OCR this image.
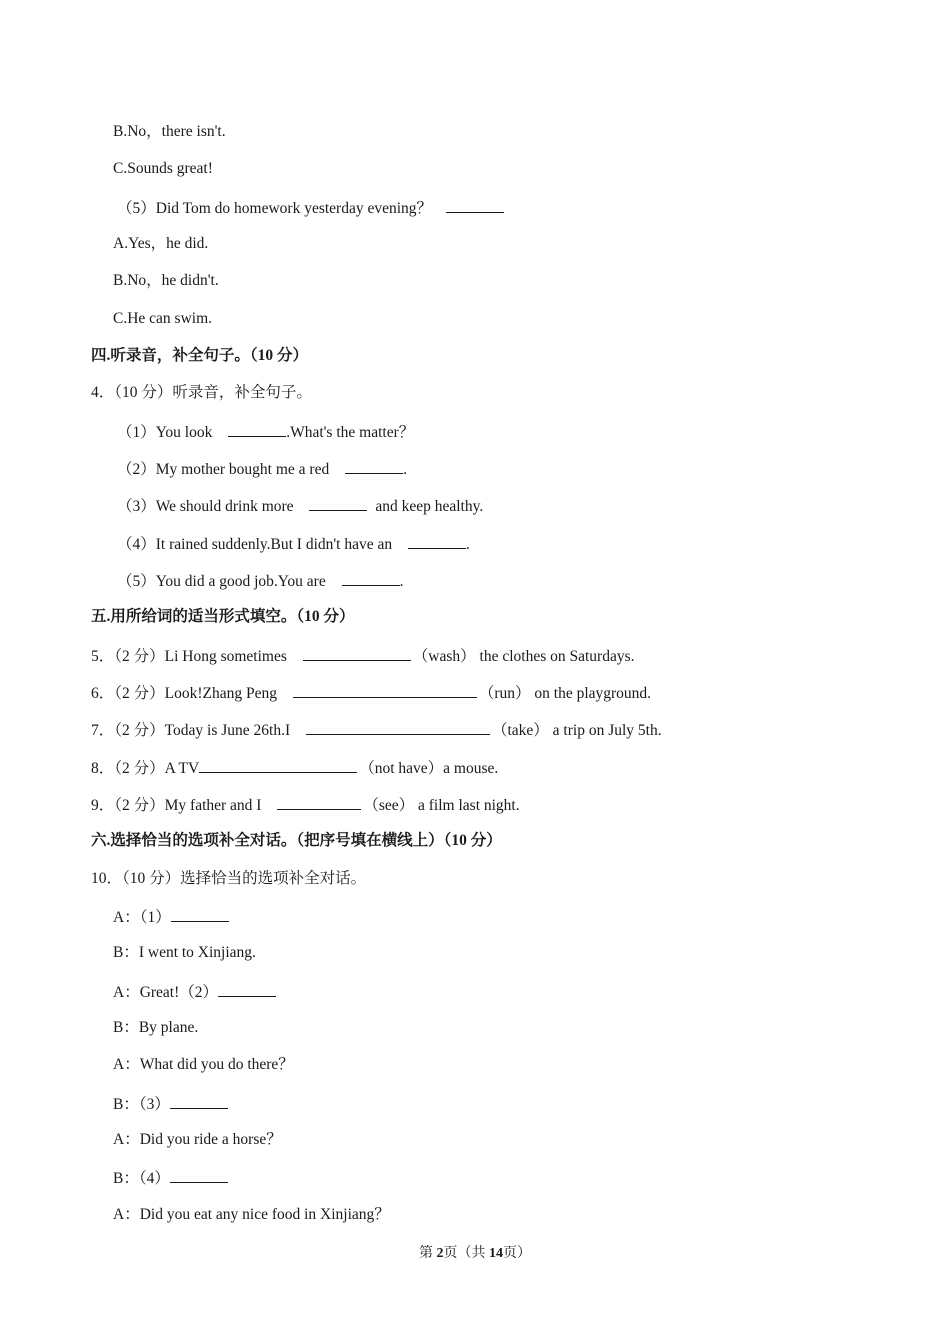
B.No，there isn't.
C.Sounds great!
（5）Did Tom do homework yesterday evening？
A.Yes，he did.
B.No，he didn't.
C.He can swim.
四.听录音，补全句子。（10 分）
4．（10 分）听录音，补全句子。
（1）You look	.What's the matter？
（2）My mother bought me a red	.
（3）We should drink more	and keep healthy.
（4）It rained suddenly.But I didn't have an	.
（5）You did a good job.You are	.
五.用所给词的适当形式填空。（10 分）
5．（2 分）Li Hong sometimes	（wash） the clothes on Saturdays.
6．（2 分）Look!Zhang Peng	（run） on the playground.
7．（2 分）Today is June 26th.I	（take） a trip on July 5th.
8．（2 分）A TV	（not have）a mouse.
9．（2 分）My father and I	（see） a film last night.
六.选择恰当的选项补全对话。（把序号填在横线上）（10 分）
10．（10 分）选择恰当的选项补全对话。
A：（1）
B：I went to Xinjiang.
A：Great!（2）
B：By plane.
A：What did you do there？
B：（3）
A：Did you ride a horse？
B：（4）
A：Did you eat any nice food in Xinjiang？
第 2页（共 14页）
